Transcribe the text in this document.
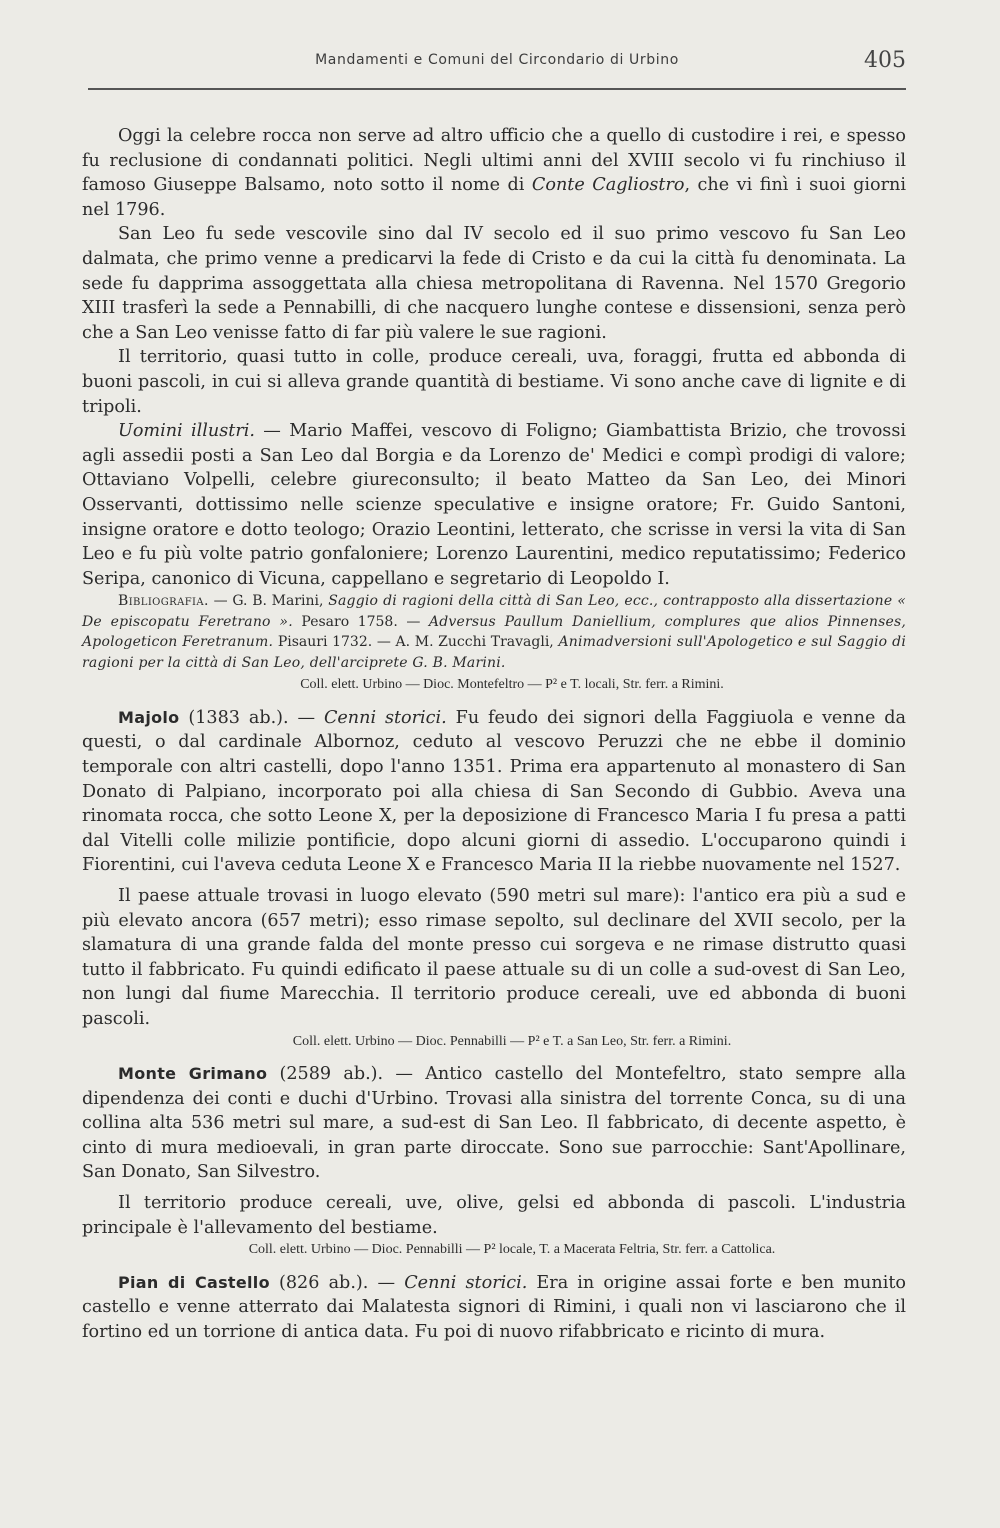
Mandamenti e Comuni del Circondario di Urbino	405

Oggi la celebre rocca non serve ad altro ufficio che a quello di custodire i rei, e spesso fu reclusione di condannati politici. Negli ultimi anni del XVIII secolo vi fu rinchiuso il famoso Giuseppe Balsamo, noto sotto il nome di Conte Cagliostro, che vi finì i suoi giorni nel 1796.

San Leo fu sede vescovile sino dal IV secolo ed il suo primo vescovo fu San Leo dalmata, che primo venne a predicarvi la fede di Cristo e da cui la città fu denominata. La sede fu dapprima assoggettata alla chiesa metropolitana di Ravenna. Nel 1570 Gregorio XIII trasferì la sede a Pennabilli, di che nacquero lunghe contese e dissensioni, senza però che a San Leo venisse fatto di far più valere le sue ragioni.

Il territorio, quasi tutto in colle, produce cereali, uva, foraggi, frutta ed abbonda di buoni pascoli, in cui si alleva grande quantità di bestiame. Vi sono anche cave di lignite e di tripoli.

Uomini illustri. — Mario Maffei, vescovo di Foligno; Giambattista Brizio, che trovossi agli assedii posti a San Leo dal Borgia e da Lorenzo de' Medici e compì prodigi di valore; Ottaviano Volpelli, celebre giureconsulto; il beato Matteo da San Leo, dei Minori Osservanti, dottissimo nelle scienze speculative e insigne oratore; Fr. Guido Santoni, insigne oratore e dotto teologo; Orazio Leontini, letterato, che scrisse in versi la vita di San Leo e fu più volte patrio gonfaloniere; Lorenzo Laurentini, medico reputatissimo; Federico Seripa, canonico di Vicuna, cappellano e segretario di Leopoldo I.

Bibliografia. — G. B. Marini, Saggio di ragioni della città di San Leo, ecc., contrapposto alla dissertazione « De episcopatu Feretrano ». Pesaro 1758. — Adversus Paullum Daniellium, complures que alios Pinnenses, Apologeticon Feretranum. Pisauri 1732. — A. M. Zucchi Travagli, Animadversioni sull'Apologetico e sul Saggio di ragioni per la città di San Leo, dell'arciprete G. B. Marini.

Coll. elett. Urbino — Dioc. Montefeltro — P² e T. locali, Str. ferr. a Rimini.

Majolo (1383 ab.). — Cenni storici. Fu feudo dei signori della Faggiuola e venne da questi, o dal cardinale Albornoz, ceduto al vescovo Peruzzi che ne ebbe il dominio temporale con altri castelli, dopo l'anno 1351. Prima era appartenuto al monastero di San Donato di Palpiano, incorporato poi alla chiesa di San Secondo di Gubbio. Aveva una rinomata rocca, che sotto Leone X, per la deposizione di Francesco Maria I fu presa a patti dal Vitelli colle milizie pontificie, dopo alcuni giorni di assedio. L'occuparono quindi i Fiorentini, cui l'aveva ceduta Leone X e Francesco Maria II la riebbe nuovamente nel 1527.

Il paese attuale trovasi in luogo elevato (590 metri sul mare): l'antico era più a sud e più elevato ancora (657 metri); esso rimase sepolto, sul declinare del XVII secolo, per la slamatura di una grande falda del monte presso cui sorgeva e ne rimase distrutto quasi tutto il fabbricato. Fu quindi edificato il paese attuale su di un colle a sud-ovest di San Leo, non lungi dal fiume Marecchia. Il territorio produce cereali, uve ed abbonda di buoni pascoli.

Coll. elett. Urbino — Dioc. Pennabilli — P² e T. a San Leo, Str. ferr. a Rimini.

Monte Grimano (2589 ab.). — Antico castello del Montefeltro, stato sempre alla dipendenza dei conti e duchi d'Urbino. Trovasi alla sinistra del torrente Conca, su di una collina alta 536 metri sul mare, a sud-est di San Leo. Il fabbricato, di decente aspetto, è cinto di mura medioevali, in gran parte diroccate. Sono sue parrocchie: Sant'Apollinare, San Donato, San Silvestro.

Il territorio produce cereali, uve, olive, gelsi ed abbonda di pascoli. L'industria principale è l'allevamento del bestiame.

Coll. elett. Urbino — Dioc. Pennabilli — P² locale, T. a Macerata Feltria, Str. ferr. a Cattolica.

Pian di Castello (826 ab.). — Cenni storici. Era in origine assai forte e ben munito castello e venne atterrato dai Malatesta signori di Rimini, i quali non vi lasciarono che il fortino ed un torrione di antica data. Fu poi di nuovo rifabbricato e ricinto di mura.
